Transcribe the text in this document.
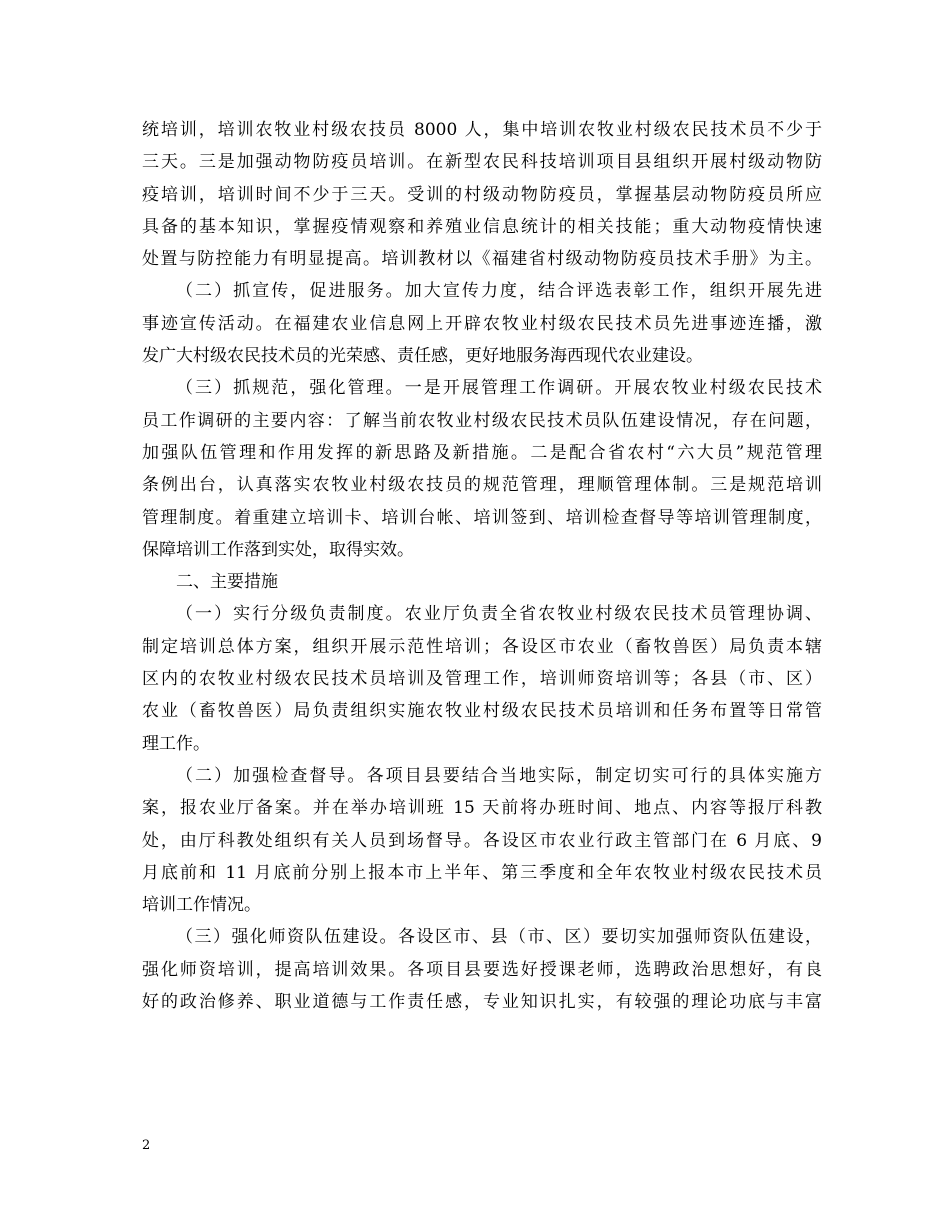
统培训，培训农牧业村级农技员 8000 人，集中培训农牧业村级农民技术员不少于
三天。三是加强动物防疫员培训。在新型农民科技培训项目县组织开展村级动物防
疫培训，培训时间不少于三天。受训的村级动物防疫员，掌握基层动物防疫员所应
具备的基本知识，掌握疫情观察和养殖业信息统计的相关技能；重大动物疫情快速
处置与防控能力有明显提高。培训教材以《福建省村级动物防疫员技术手册》为主。
（二）抓宣传，促进服务。加大宣传力度，结合评选表彰工作，组织开展先进
事迹宣传活动。在福建农业信息网上开辟农牧业村级农民技术员先进事迹连播，激
发广大村级农民技术员的光荣感、责任感，更好地服务海西现代农业建设。
（三）抓规范，强化管理。一是开展管理工作调研。开展农牧业村级农民技术
员工作调研的主要内容：了解当前农牧业村级农民技术员队伍建设情况，存在问题，
加强队伍管理和作用发挥的新思路及新措施。二是配合省农村“六大员”规范管理
条例出台，认真落实农牧业村级农技员的规范管理，理顺管理体制。三是规范培训
管理制度。着重建立培训卡、培训台帐、培训签到、培训检查督导等培训管理制度，
保障培训工作落到实处，取得实效。
二、主要措施
（一）实行分级负责制度。农业厅负责全省农牧业村级农民技术员管理协调、
制定培训总体方案，组织开展示范性培训；各设区市农业（畜牧兽医）局负责本辖
区内的农牧业村级农民技术员培训及管理工作，培训师资培训等；各县（市、区）
农业（畜牧兽医）局负责组织实施农牧业村级农民技术员培训和任务布置等日常管
理工作。
（二）加强检查督导。各项目县要结合当地实际，制定切实可行的具体实施方
案，报农业厅备案。并在举办培训班 15 天前将办班时间、地点、内容等报厅科教
处，由厅科教处组织有关人员到场督导。各设区市农业行政主管部门在 6 月底、9
月底前和 11 月底前分别上报本市上半年、第三季度和全年农牧业村级农民技术员
培训工作情况。
（三）强化师资队伍建设。各设区市、县（市、区）要切实加强师资队伍建设，
强化师资培训，提高培训效果。各项目县要选好授课老师，选聘政治思想好，有良
好的政治修养、职业道德与工作责任感，专业知识扎实，有较强的理论功底与丰富
2
